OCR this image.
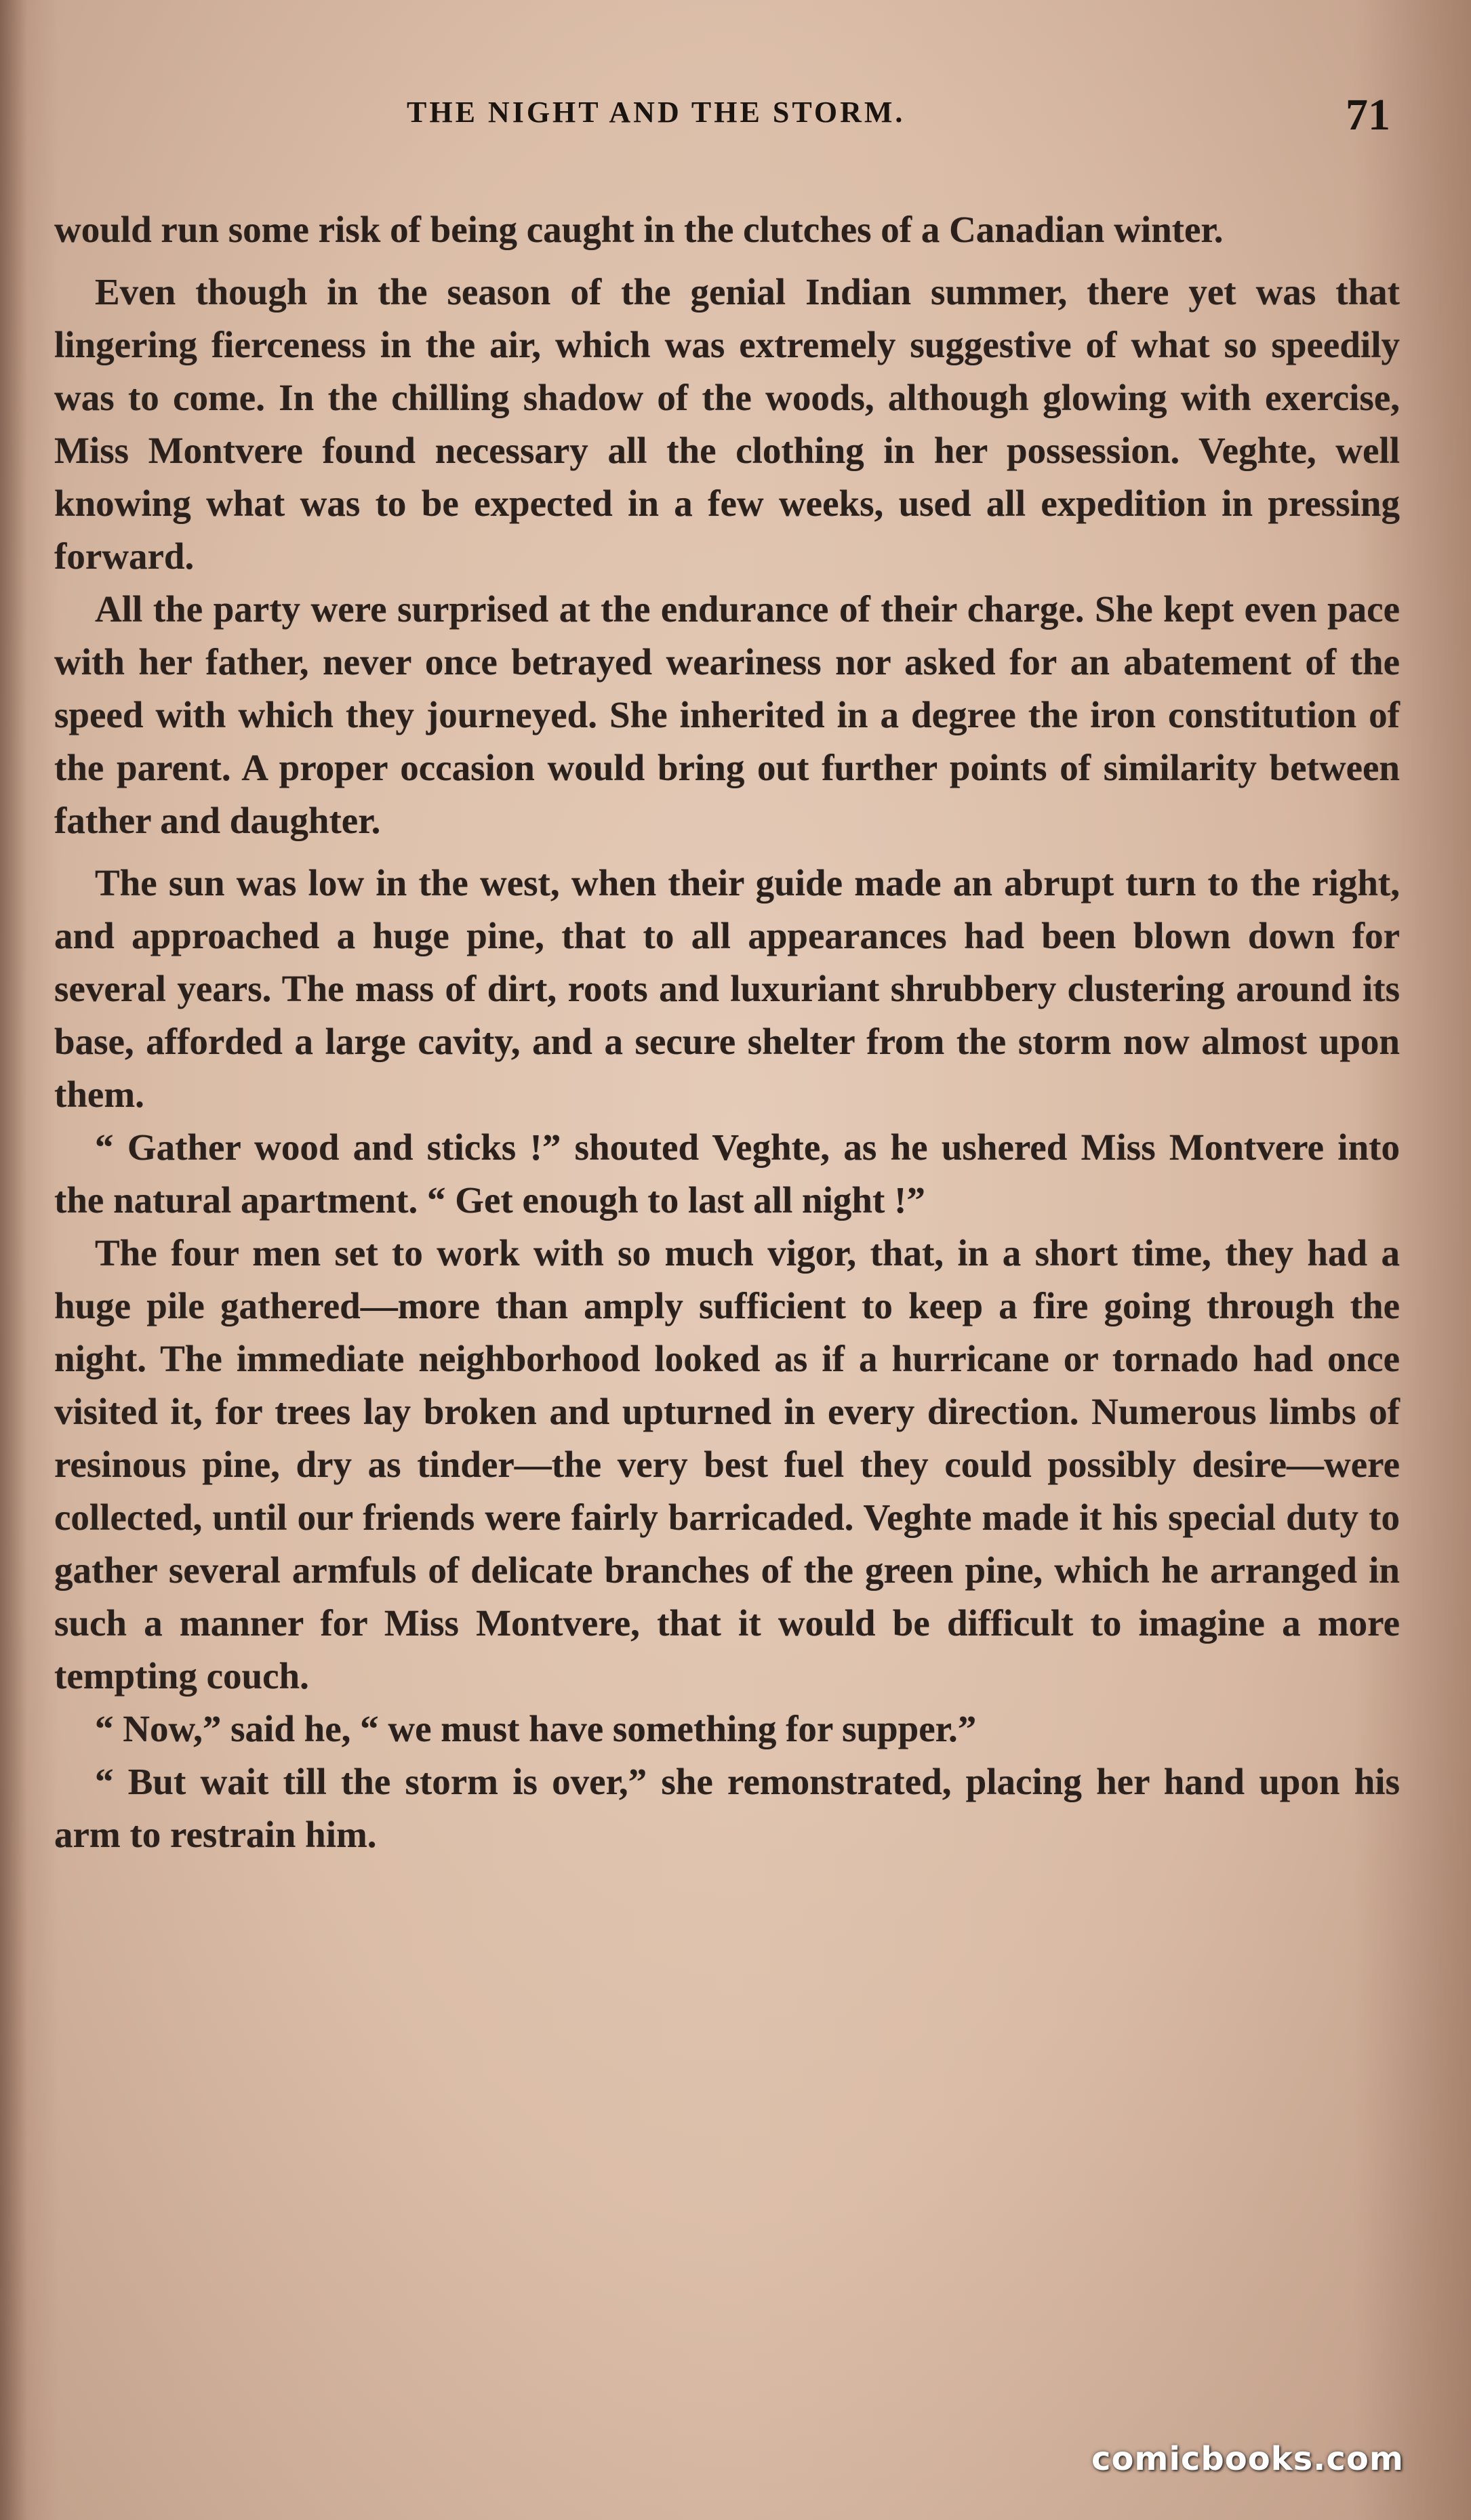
THE NIGHT AND THE STORM.	71

would run some risk of being caught in the clutches of a Canadian winter.

Even though in the season of the genial Indian summer, there yet was that lingering fierceness in the air, which was extremely suggestive of what so speedily was to come. In the chilling shadow of the woods, although glowing with exercise, Miss Montvere found necessary all the clothing in her possession. Veghte, well knowing what was to be expected in a few weeks, used all expedition in pressing forward.

All the party were surprised at the endurance of their charge. She kept even pace with her father, never once betrayed weariness nor asked for an abatement of the speed with which they journeyed. She inherited in a degree the iron constitution of the parent. A proper occasion would bring out further points of similarity between father and daughter.

The sun was low in the west, when their guide made an abrupt turn to the right, and approached a huge pine, that to all appearances had been blown down for several years. The mass of dirt, roots and luxuriant shrubbery clustering around its base, afforded a large cavity, and a secure shelter from the storm now almost upon them.

“ Gather wood and sticks !” shouted Veghte, as he ushered Miss Montvere into the natural apartment. “ Get enough to last all night !”

The four men set to work with so much vigor, that, in a short time, they had a huge pile gathered—more than amply sufficient to keep a fire going through the night. The immediate neighborhood looked as if a hurricane or tornado had once visited it, for trees lay broken and upturned in every direction. Numerous limbs of resinous pine, dry as tinder—the very best fuel they could possibly desire—were collected, until our friends were fairly barricaded. Veghte made it his special duty to gather several armfuls of delicate branches of the green pine, which he arranged in such a manner for Miss Montvere, that it would be difficult to imagine a more tempting couch.

“ Now,” said he, “ we must have something for supper.”

“ But wait till the storm is over,” she remonstrated, placing her hand upon his arm to restrain him.

comicbooks.com
